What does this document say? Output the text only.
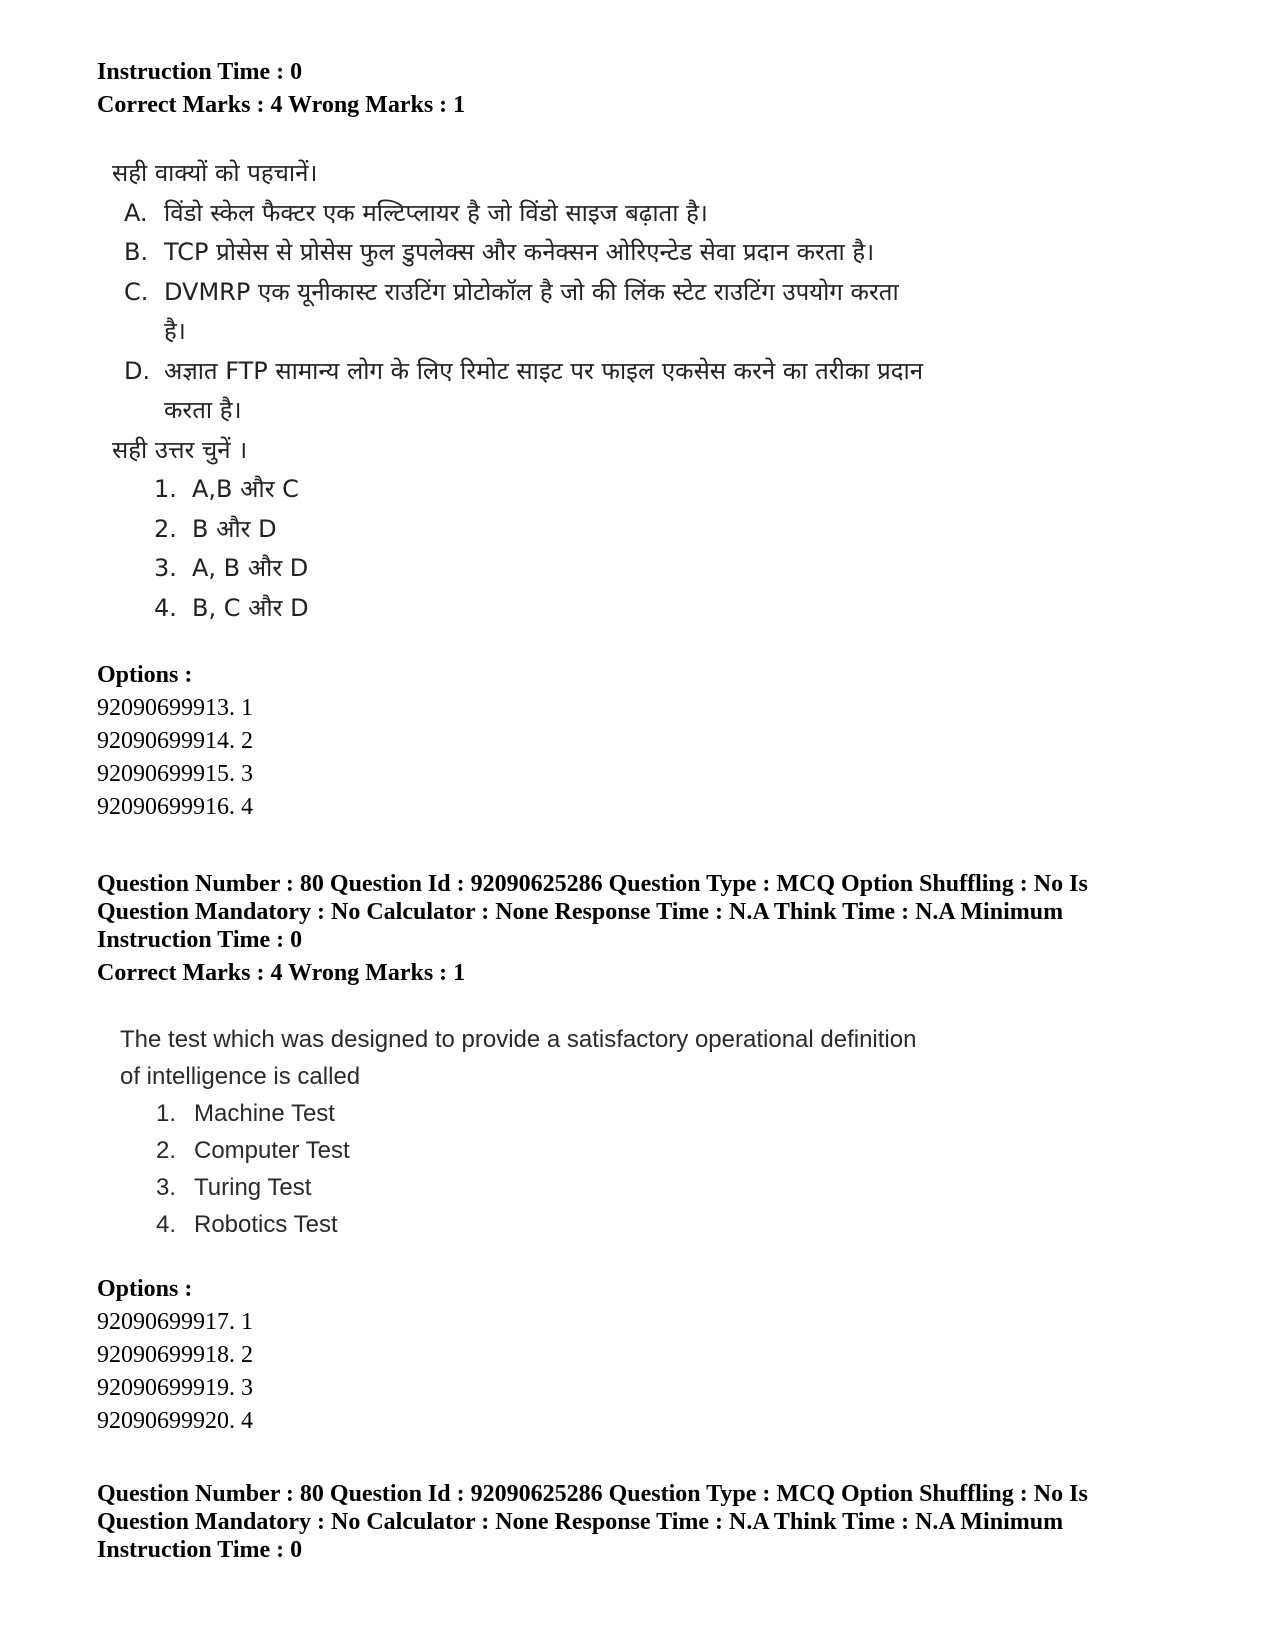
Instruction Time : 0
Correct Marks : 4 Wrong Marks : 1
सही वाक्यों को पहचानें।
A. विंडो स्केल फैक्टर एक मल्टिप्लायर है जो विंडो साइज बढ़ाता है।
B. TCP प्रोसेस से प्रोसेस फुल डुपलेक्स और कनेक्सन ओरिएन्टेड सेवा प्रदान करता है।
C. DVMRP एक यूनीकास्ट राउटिंग प्रोटोकॉल है जो की लिंक स्टेट राउटिंग उपयोग करता है।
D. अज्ञात FTP सामान्य लोग के लिए रिमोट साइट पर फाइल एकसेस करने का तरीका प्रदान करता है।
सही उत्तर चुनें ।
1. A,B और C
2. B और D
3. A, B और D
4. B, C और D
Options :
92090699913. 1
92090699914. 2
92090699915. 3
92090699916. 4
Question Number : 80 Question Id : 92090625286 Question Type : MCQ Option Shuffling : No Is
Question Mandatory : No Calculator : None Response Time : N.A Think Time : N.A Minimum
Instruction Time : 0
Correct Marks : 4 Wrong Marks : 1
The test which was designed to provide a satisfactory operational definition
of intelligence is called
1. Machine Test
2. Computer Test
3. Turing Test
4. Robotics Test
Options :
92090699917. 1
92090699918. 2
92090699919. 3
92090699920. 4
Question Number : 80 Question Id : 92090625286 Question Type : MCQ Option Shuffling : No Is
Question Mandatory : No Calculator : None Response Time : N.A Think Time : N.A Minimum
Instruction Time : 0
